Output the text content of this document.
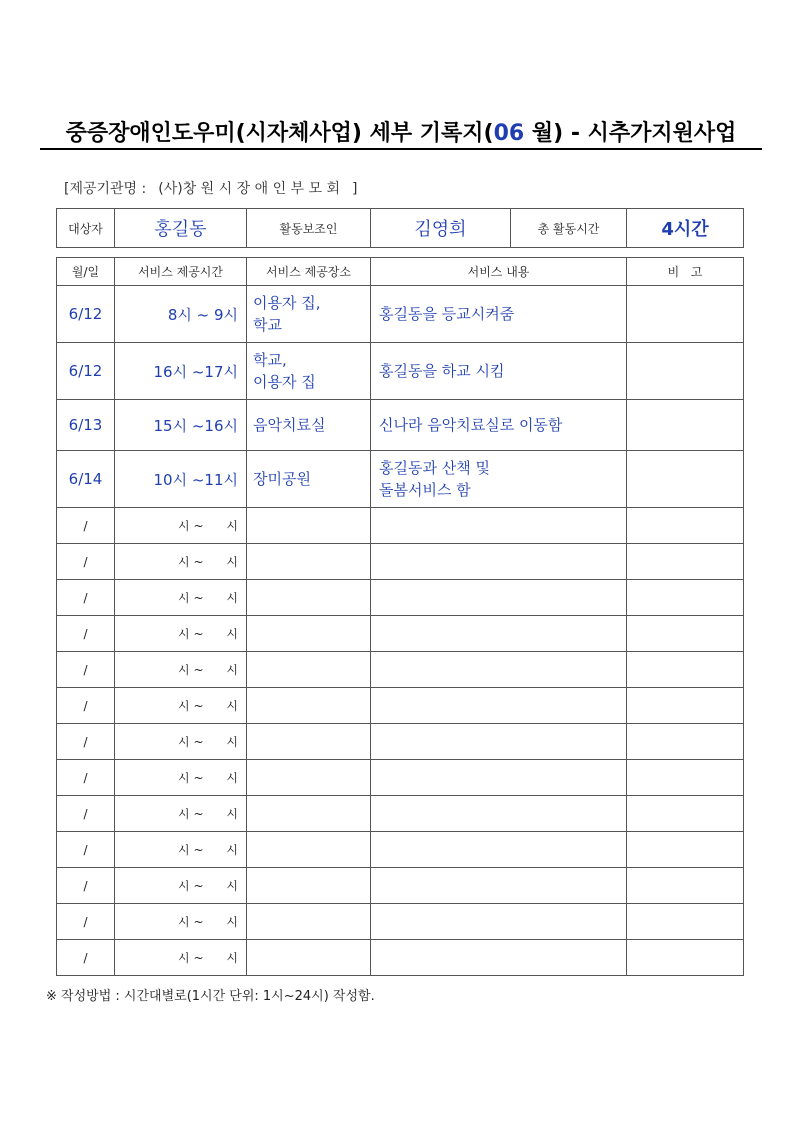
중증장애인도우미(시자체사업) 세부 기록지(06 월) - 시추가지원사업
[제공기관명 : (사)창 원 시 장 애 인 부 모 회 ]
대상자	홍길동	활동보조인	김영희	총 활동시간	4시간
월/일	서비스 제공시간	서비스 제공장소	서비스 내용	비   고
6/12	8시 ~ 9시	이용자 집,
학교	홍길동을 등교시켜줌	

6/12	16시 ~17시	학교,
이용자 집	홍길동을 하교 시킴	

6/13	15시 ~16시	음악치료실	신나라 음악치료실로 이동함	

6/14	10시 ~11시	장미공원	홍길동과 산책 및
돌봄서비스 함	

/	시 ~      시			
/	시 ~      시			
/	시 ~      시			
/	시 ~      시			
/	시 ~      시			
/	시 ~      시			
/	시 ~      시			
/	시 ~      시			
/	시 ~      시			
/	시 ~      시			
/	시 ~      시			
/	시 ~      시			
/	시 ~      시			
※ 작성방법 : 시간대별로(1시간 단위: 1시~24시) 작성함.
